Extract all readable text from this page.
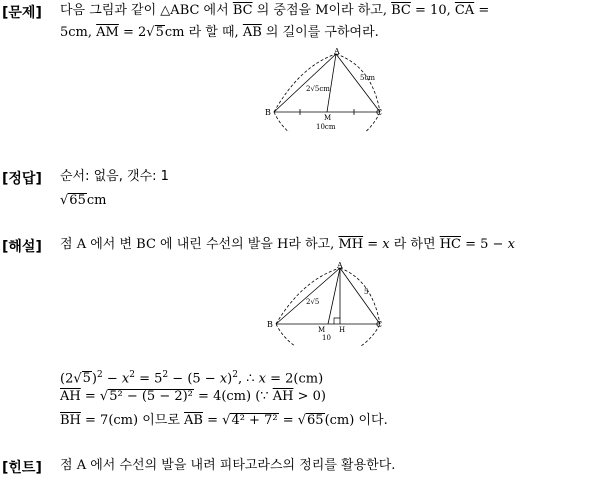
[문제] 다음 그림과 같이 △ABC 에서 $\overline{BC}$ 의 중점을 M이라 하고, $\overline{BC} = 10$, $\overline{CA}$ =
5cm, $\overline{AM} = 2√5cm$ 라 할 때, $\overline{AB}$ 의 길이를 구하여라.
A
B	C
M
2√5cm
5cm
10cm
[정답] 순서: 없음, 갯수: 1
√65cm
[해설] 점 A 에서 변 BC 에 내린 수선의 발을 H라 하고, $\overline{MH} = x$ 라 하면 $\overline{HC} = 5 - x$
A
B	C
M H
2√5
5
10
$(2√5)^2 - x^2 = 5^2 - (5 - x)^2$, ∴ x = 2(cm)
$\overline{AH} = √5^2 - (5 - 2)^2 = 4(cm)$ (∵ $\overline{AH} > 0$)
$\overline{BH} = 7(cm)$ 이므로 $\overline{AB} = √4^2 + 7^2 = √65(cm)$ 이다.
[힌트] 점 A 에서 수선의 발을 내려 피타고라스의 정리를 활용한다.
